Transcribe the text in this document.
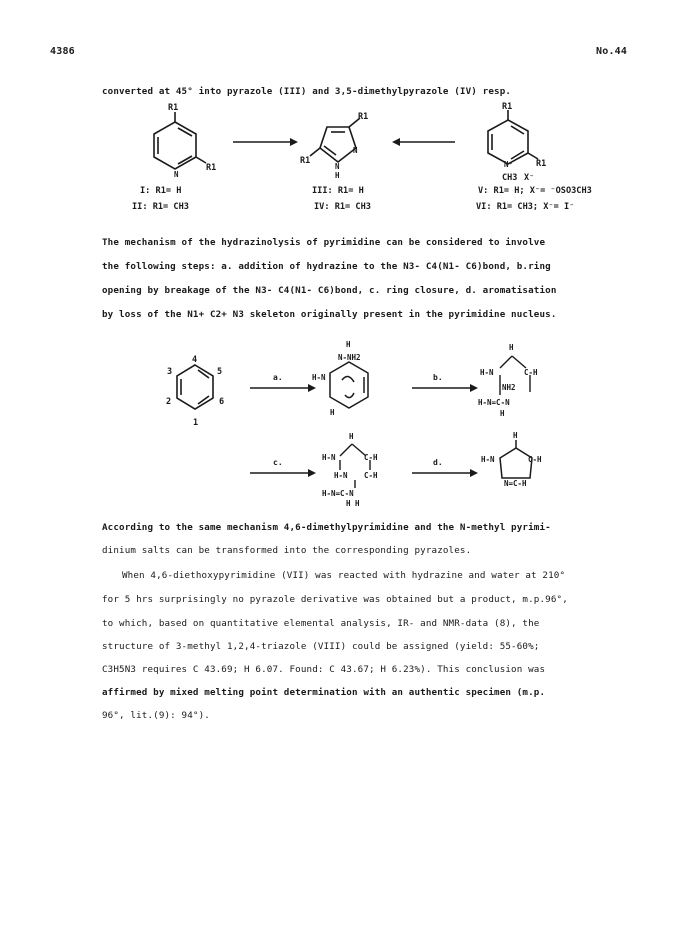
4386	No.44
converted at 45° into pyrazole (III) and 3,5-dimethylpyrazole (IV) resp.
R1
R1
N
R1
R1
N
N
H
R1
R1
N⁺
CH3 X⁻
I: R1= H
II: R1= CH3
III: R1= H
IV: R1= CH3
V: R1= H; X⁻= ⁻OSO3CH3
VI: R1= CH3; X⁻= I⁻
The mechanism of the hydrazinolysis of pyrimidine can be considered to involve
the following steps: a. addition of hydrazine to the N3- C4(N1- C6)bond, b.ring
opening by breakage of the N3- C4(N1- C6)bond, c. ring closure, d. aromatisation
by loss of the N1+ C2+ N3 skeleton originally present in the pyrimidine nucleus.
4
3	5
2	6
1
a.
H
N-NH2
H-N
H
b.
H
H-N	C-H
NH2
H-N=C-N
H
c.
H
H-N	C-H
H-N C-H
H-N=C-N
H H
d.
H
H-N	C-H
N=C-H
According to the same mechanism 4,6-dimethylpyrimidine and the N-methyl pyrimi-
dinium salts can be transformed into the corresponding pyrazoles.
When 4,6-diethoxypyrimidine (VII) was reacted with hydrazine and water at 210°
for 5 hrs surprisingly no pyrazole derivative was obtained but a product, m.p.96°,
to which, based on quantitative elemental analysis, IR- and NMR-data (8), the
structure of 3-methyl 1,2,4-triazole (VIII) could be assigned (yield: 55-60%;
C3H5N3 requires C 43.69; H 6.07. Found: C 43.67; H 6.23%). This conclusion was
affirmed by mixed melting point determination with an authentic specimen (m.p.
96°, lit.(9): 94°).
